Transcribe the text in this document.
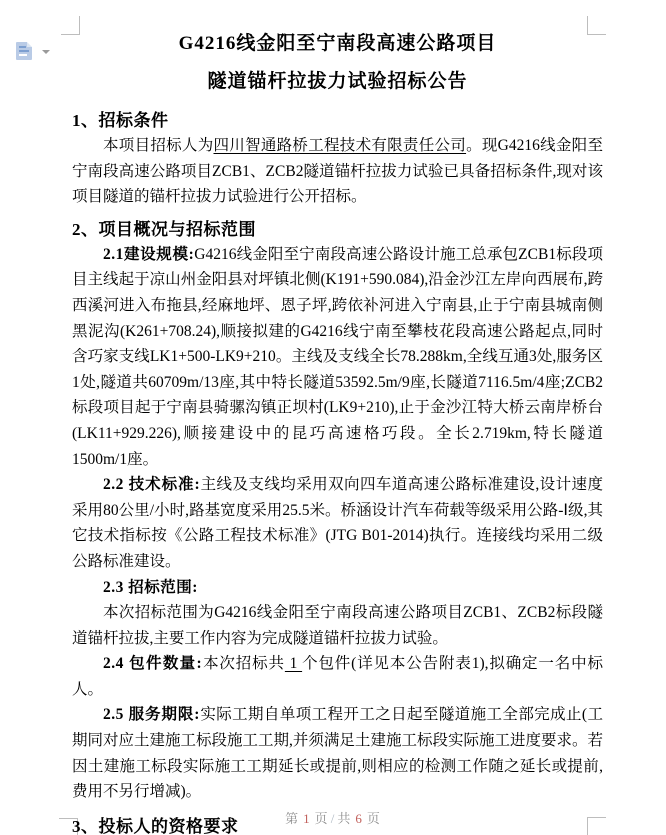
G4216线金阳至宁南段高速公路项目
隧道锚杆拉拔力试验招标公告
1、招标条件

本项目招标人为四川智通路桥工程技术有限责任公司。现G4216线金阳至宁南段高速公路项目ZCB1、ZCB2隧道锚杆拉拔力试验已具备招标条件,现对该项目隧道的锚杆拉拔力试验进行公开招标。

2、项目概况与招标范围

2.1建设规模:G4216线金阳至宁南段高速公路设计施工总承包ZCB1标段项目主线起于凉山州金阳县对坪镇北侧(K191+590.084),沿金沙江左岸向西展布,跨西溪河进入布拖县,经麻地坪、恩子坪,跨依补河进入宁南县,止于宁南县城南侧黑泥沟(K261+708.24),顺接拟建的G4216线宁南至攀枝花段高速公路起点,同时含巧家支线LK1+500-LK9+210。主线及支线全长78.288km,全线互通3处,服务区1处,隧道共60709m/13座,其中特长隧道53592.5m/9座,长隧道7116.5m/4座;ZCB2标段项目起于宁南县骑骡沟镇正坝村(LK9+210),止于金沙江特大桥云南岸桥台(LK11+929.226),顺接建设中的昆巧高速格巧段。全长2.719km,特长隧道1500m/1座。

2.2 技术标准:主线及支线均采用双向四车道高速公路标准建设,设计速度采用80公里/小时,路基宽度采用25.5米。桥涵设计汽车荷载等级采用公路-Ⅰ级,其它技术指标按《公路工程技术标准》(JTG B01-2014)执行。连接线均采用二级公路标准建设。

2.3 招标范围:

本次招标范围为G4216线金阳至宁南段高速公路项目ZCB1、ZCB2标段隧道锚杆拉拔,主要工作内容为完成隧道锚杆拉拔力试验。

2.4 包件数量:本次招标共 1 个包件(详见本公告附表1),拟确定一名中标人。

2.5 服务期限:实际工期自单项工程开工之日起至隧道施工全部完成止(工期同对应土建施工标段施工工期,并须满足土建施工标段实际施工进度要求。若因土建施工标段实际施工工期延长或提前,则相应的检测工作随之延长或提前,费用不另行增减)。

3、投标人的资格要求	第 1 页 / 共 6 页
